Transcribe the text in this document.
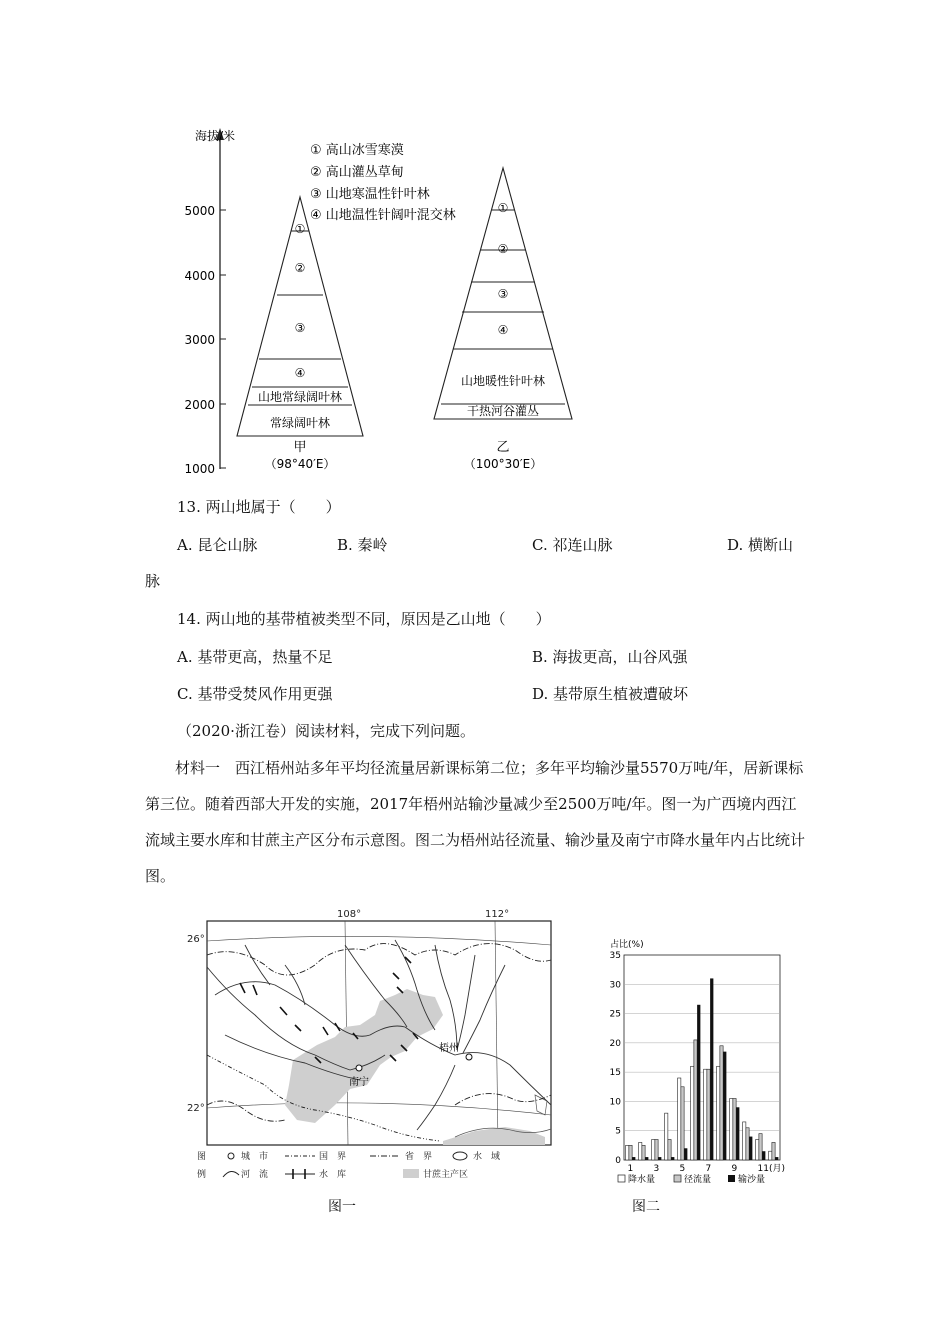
海拔/米
5000
4000
3000
2000
1000
① 高山冰雪寒漠
② 高山灌丛草甸
③ 山地寒温性针叶林
④ 山地温性针阔叶混交林
①
②
③
④
山地常绿阔叶林
常绿阔叶林
甲
（98°40′E）
①
②
③
④
山地暖性针叶林
干热河谷灌丛
乙
（100°30′E）
13. 两山地属于（　　）
A. 昆仑山脉	B. 秦岭	C. 祁连山脉	D. 横断山
脉
14. 两山地的基带植被类型不同，原因是乙山地（　　）
A. 基带更高，热量不足	B. 海拔更高，山谷风强
C. 基带受焚风作用更强	D. 基带原生植被遭破坏
（2020·浙江卷）阅读材料，完成下列问题。
材料一　西江梧州站多年平均径流量居新课标第二位；多年平均输沙量5570万吨/年，居新课标第三位。随着西部大开发的实施，2017年梧州站输沙量减少至2500万吨/年。图一为广西境内西江流域主要水库和甘蔗主产区分布示意图。图二为梧州站径流量、输沙量及南宁市降水量年内占比统计图。
108°	112°
26°
22°
南宁
梧州
图
例
城　市	国　界	省　界	水　域
河　流	水　库	甘蔗主产区
图一
占比(%)
0
5
10
15
20
25
30
35
1 3 5 7 9 11(月)
降水量	径流量	输沙量
图二
